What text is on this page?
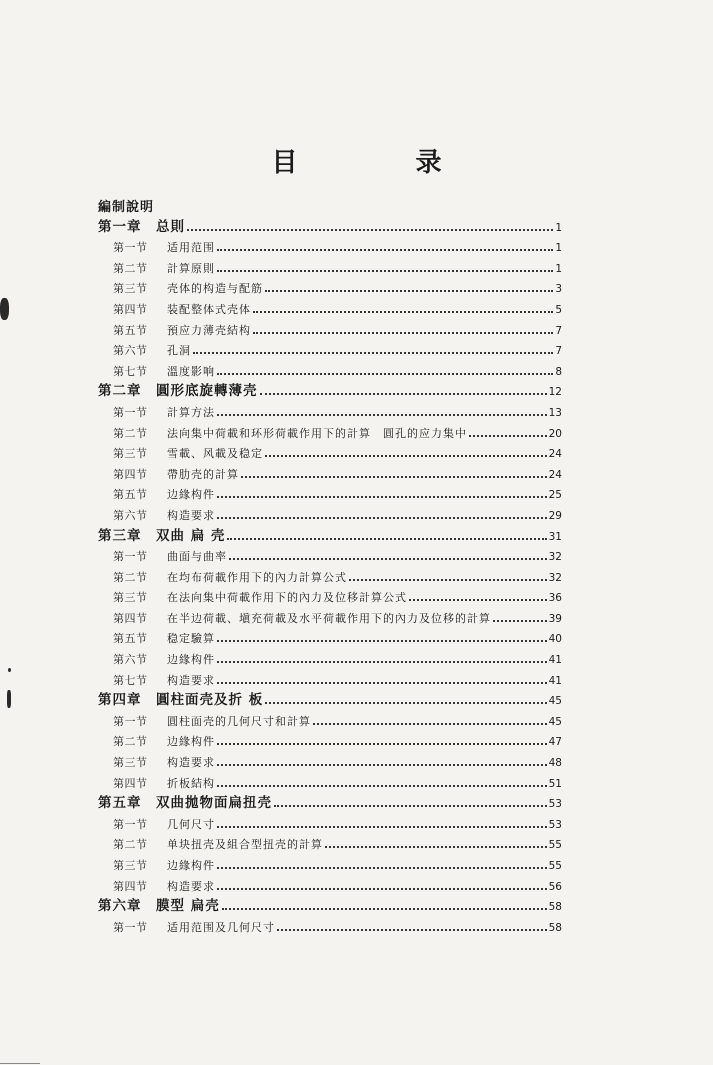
目　录
編制說明
第一章	总則	1
第一节	适用范围	1
第二节	計算原則	1
第三节	壳体的构造与配筋	3
第四节	装配整体式壳体	5
第五节	預应力薄壳結构	7
第六节	孔洞	7
第七节	溫度影响	8
第二章	圓形底旋轉薄壳	12
第一节	計算方法	13
第二节	法向集中荷載和环形荷載作用下的計算　圓孔的应力集中	20
第三节	雪載、风載及稳定	24
第四节	帶肋壳的計算	24
第五节	边緣构件	25
第六节	构造要求	29
第三章	双曲 扁 壳	31
第一节	曲面与曲率	32
第二节	在均布荷載作用下的內力計算公式	32
第三节	在法向集中荷載作用下的內力及位移計算公式	36
第四节	在半边荷載、塡充荷載及水平荷載作用下的內力及位移的計算	39
第五节	稳定驗算	40
第六节	边緣构件	41
第七节	构造要求	41
第四章	圓柱面壳及折 板	45
第一节	圓柱面壳的几何尺寸和計算	45
第二节	边緣构件	47
第三节	构造要求	48
第四节	折板結构	51
第五章	双曲拋物面扁扭壳	53
第一节	几何尺寸	53
第二节	单块扭壳及組合型扭壳的計算	55
第三节	边緣构件	55
第四节	构造要求	56
第六章	膜型 扁壳	58
第一节	适用范围及几何尺寸	58
